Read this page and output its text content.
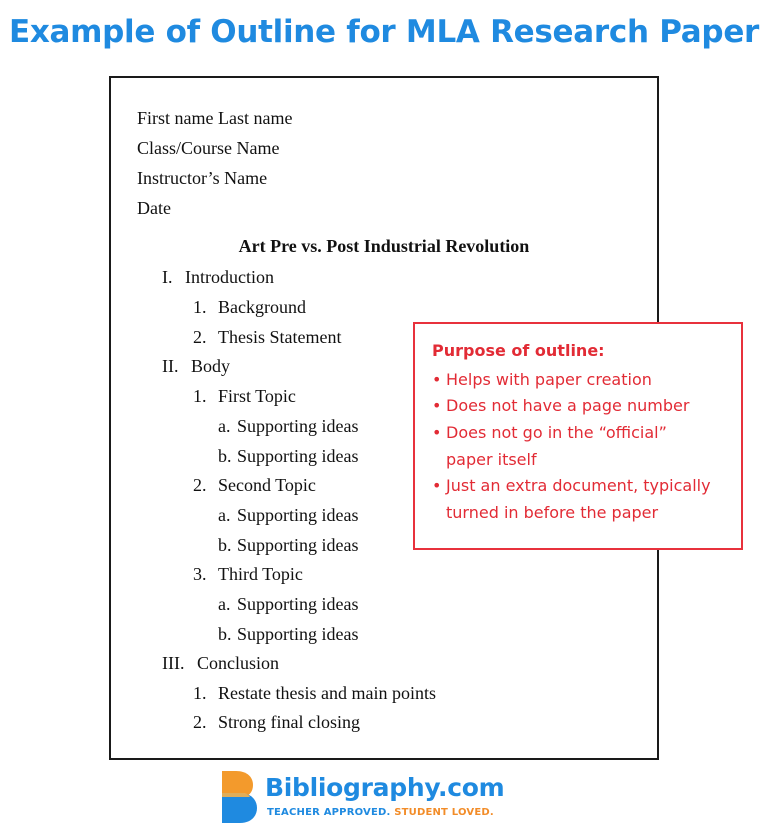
Example of Outline for MLA Research Paper
First name Last name
Class/Course Name
Instructor’s Name
Date
Art Pre vs. Post Industrial Revolution
I. Introduction
1. Background
2. Thesis Statement
II. Body
1. First Topic
a. Supporting ideas
b. Supporting ideas
2. Second Topic
a. Supporting ideas
b. Supporting ideas
3. Third Topic
a. Supporting ideas
b. Supporting ideas
III. Conclusion
1. Restate thesis and main points
2. Strong final closing
Purpose of outline:
• Helps with paper creation
• Does not have a page number
• Does not go in the “official”
paper itself
• Just an extra document, typically
turned in before the paper
Bibliography.com
TEACHER APPROVED. STUDENT LOVED.
